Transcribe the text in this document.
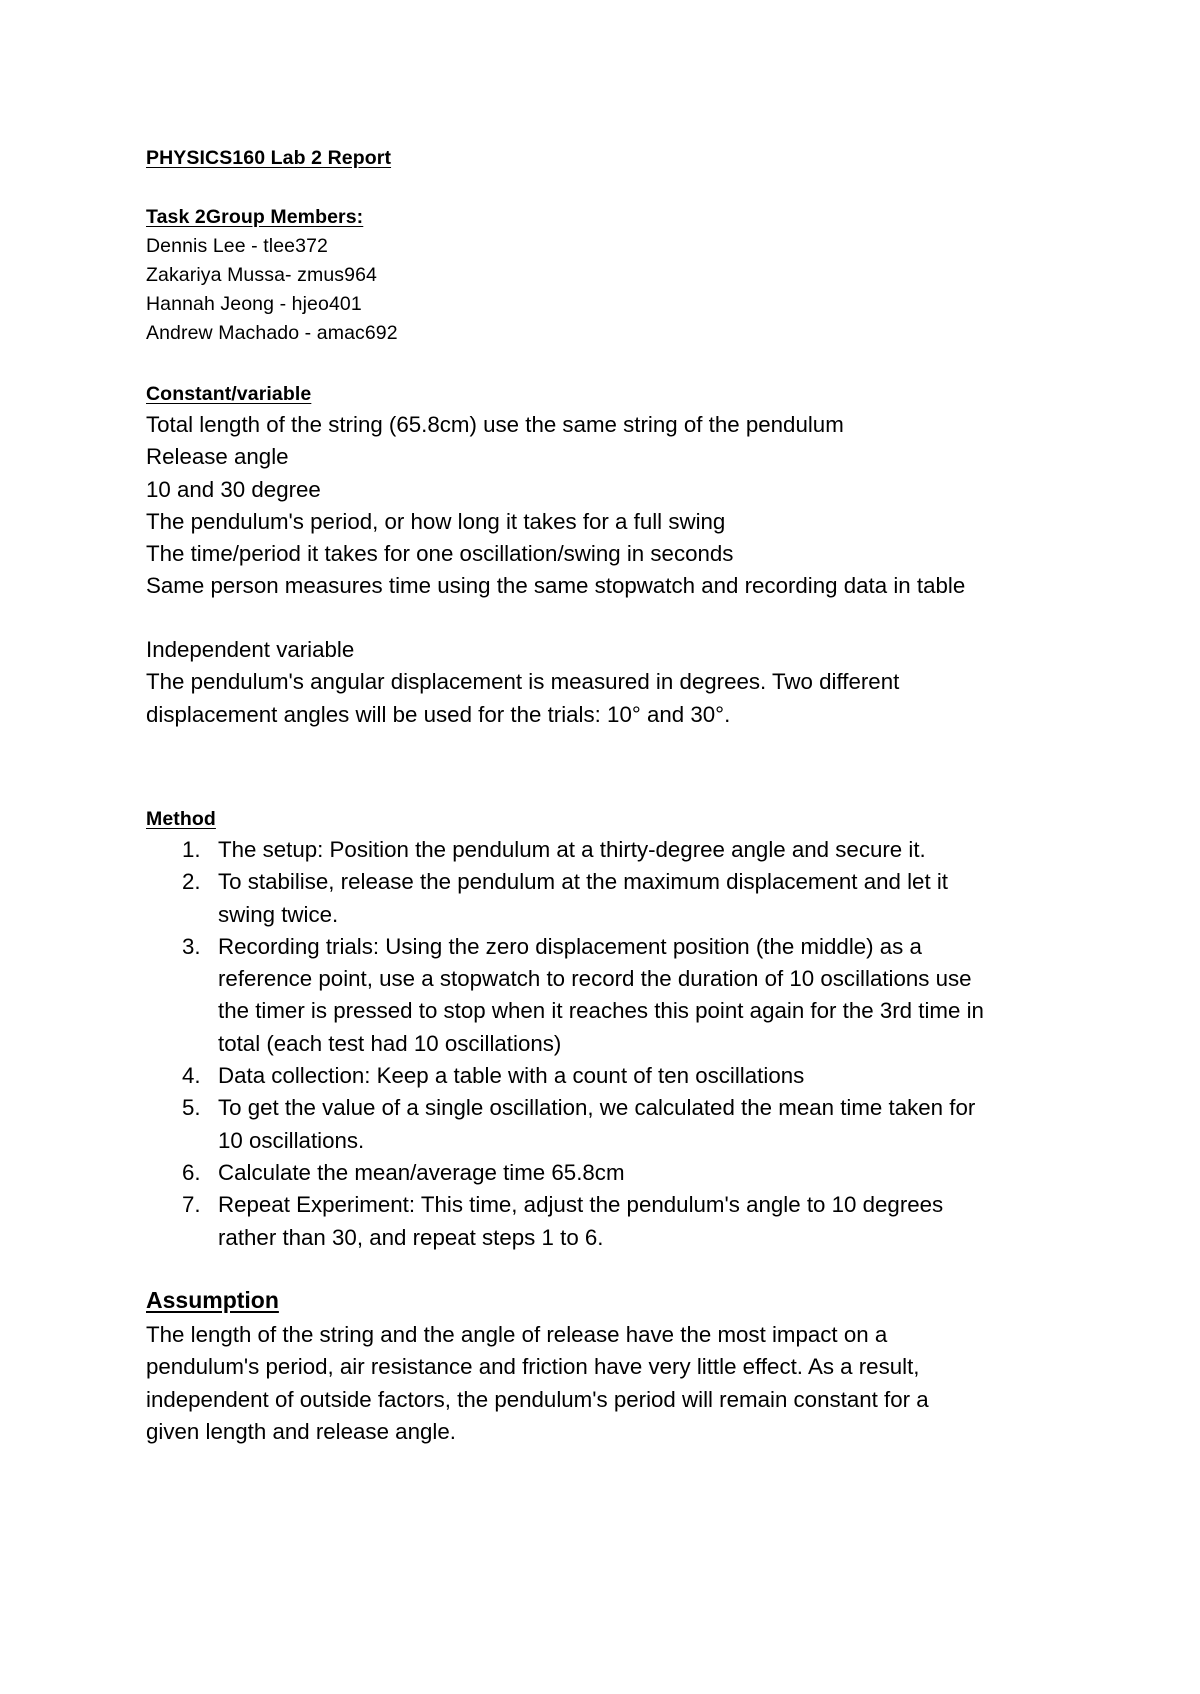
PHYSICS160 Lab 2 Report
Task 2Group Members:
Dennis Lee - tlee372
Zakariya Mussa- zmus964
Hannah Jeong - hjeo401
Andrew Machado - amac692
Constant/variable
Total length of the string (65.8cm) use the same string of the pendulum
Release angle
10 and 30 degree
The pendulum's period, or how long it takes for a full swing
The time/period it takes for one oscillation/swing in seconds
Same person measures time using the same stopwatch and recording data in table
Independent variable
The pendulum's angular displacement is measured in degrees. Two different
displacement angles will be used for the trials: 10° and 30°.
Method
1. The setup: Position the pendulum at a thirty-degree angle and secure it.
2. To stabilise, release the pendulum at the maximum displacement and let it
swing twice.
3. Recording trials: Using the zero displacement position (the middle) as a
reference point, use a stopwatch to record the duration of 10 oscillations use
the timer is pressed to stop when it reaches this point again for the 3rd time in
total (each test had 10 oscillations)
4. Data collection: Keep a table with a count of ten oscillations
5. To get the value of a single oscillation, we calculated the mean time taken for
10 oscillations.
6. Calculate the mean/average time 65.8cm
7. Repeat Experiment: This time, adjust the pendulum's angle to 10 degrees
rather than 30, and repeat steps 1 to 6.
Assumption
The length of the string and the angle of release have the most impact on a
pendulum's period, air resistance and friction have very little effect. As a result,
independent of outside factors, the pendulum's period will remain constant for a
given length and release angle.
